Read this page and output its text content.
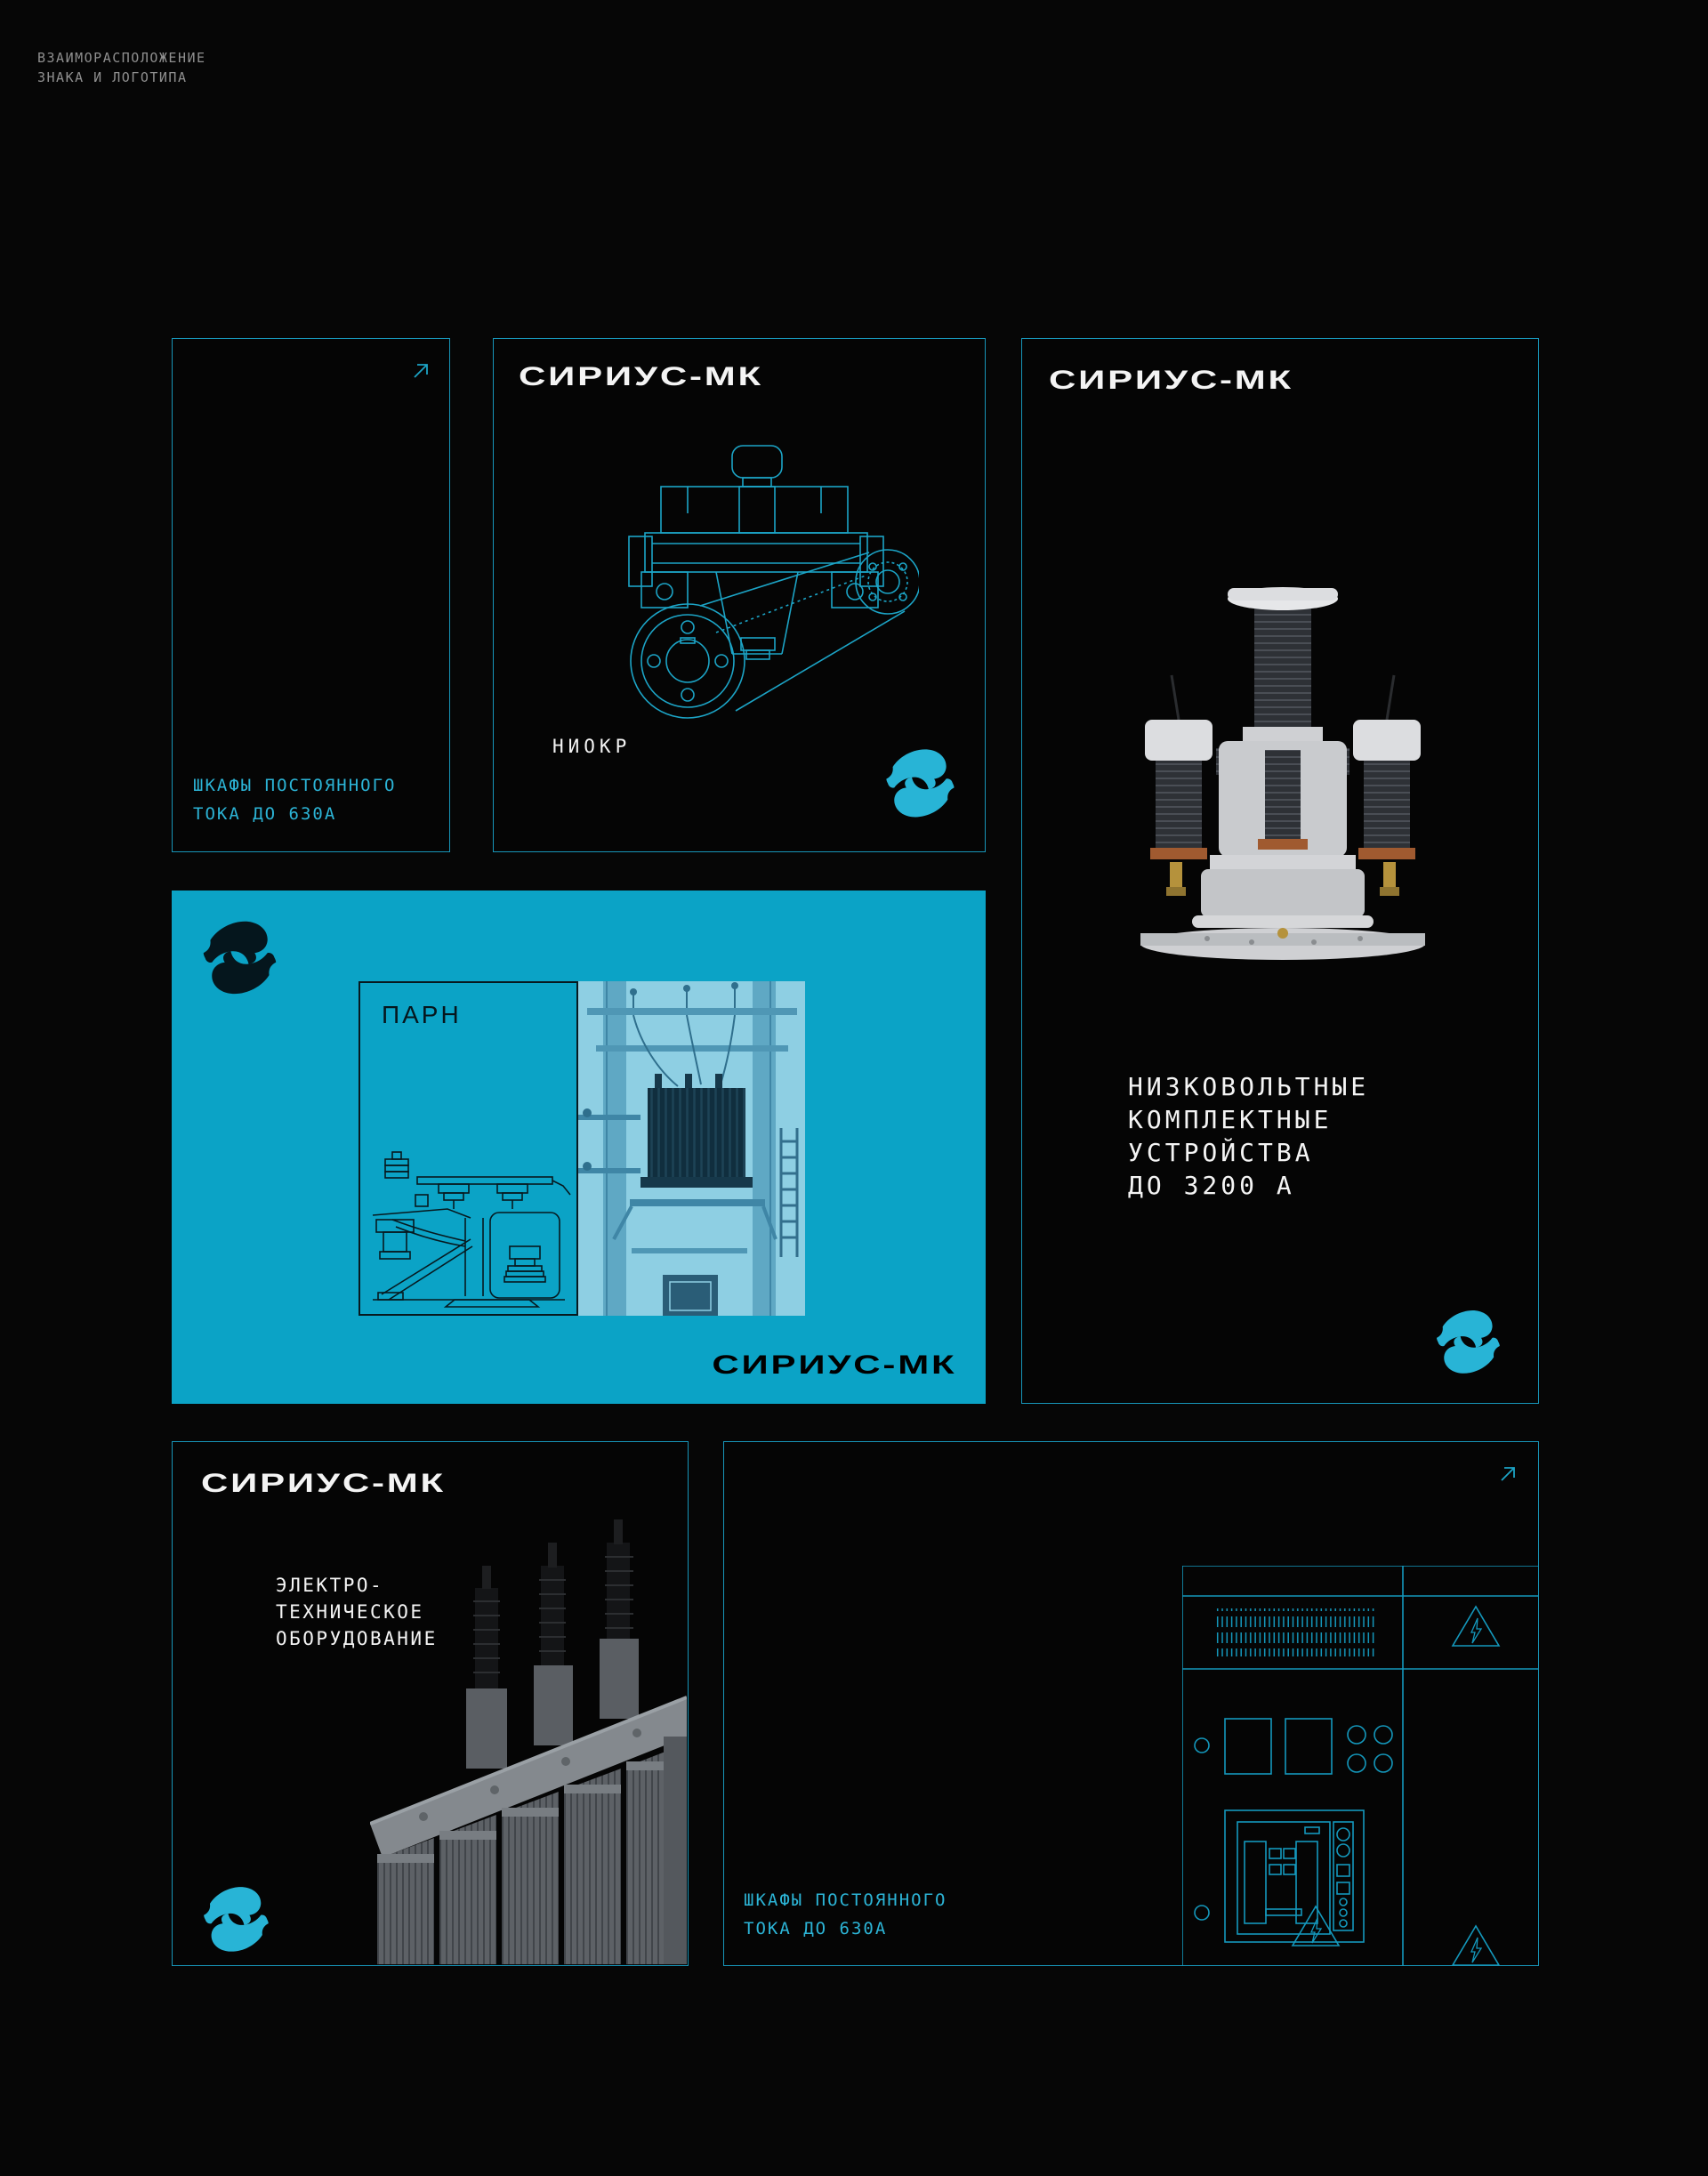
ВЗАИМОРАСПОЛОЖЕНИЕ
ЗНАКА И ЛОГОТИПА
ШКАФЫ ПОСТОЯННОГО
ТОКА ДО 630А
СИРИУС-МК
НИОКР
СИРИУС-МК
НИЗКОВОЛЬТНЫЕ
КОМПЛЕКТНЫЕ
УСТРОЙСТВА
ДО 3200 А
ПАРН
СИРИУС-МК
СИРИУС-МК
ЭЛЕКТРО-
ТЕХНИЧЕСКОЕ
ОБОРУДОВАНИЕ
ШКАФЫ ПОСТОЯННОГО
ТОКА ДО 630А
